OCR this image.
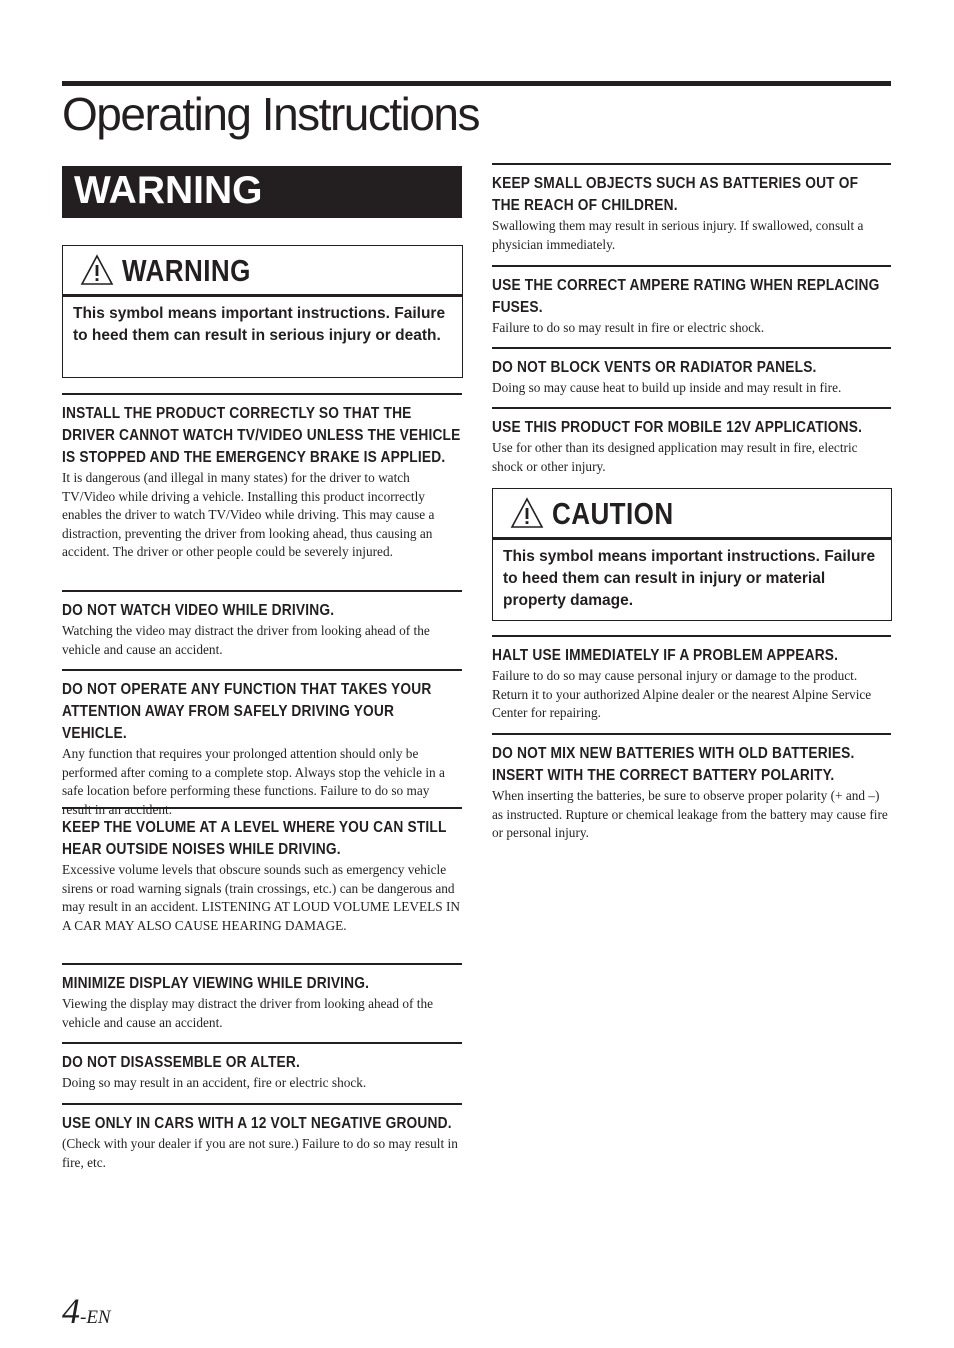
Operating Instructions
WARNING
WARNING
This symbol means important instructions. Failure to heed them can result in serious injury or death.
INSTALL THE PRODUCT CORRECTLY SO THAT THE DRIVER CANNOT WATCH TV/VIDEO UNLESS THE VEHICLE IS STOPPED AND THE EMERGENCY BRAKE IS APPLIED.

It is dangerous (and illegal in many states) for the driver to watch TV/Video while driving a vehicle. Installing this product incorrectly enables the driver to watch TV/Video while driving. This may cause a distraction, preventing the driver from looking ahead, thus causing an accident. The driver or other people could be severely injured.

DO NOT WATCH VIDEO WHILE DRIVING.

Watching the video may distract the driver from looking ahead of the vehicle and cause an accident.

DO NOT OPERATE ANY FUNCTION THAT TAKES YOUR ATTENTION AWAY FROM SAFELY DRIVING YOUR VEHICLE.

Any function that requires your prolonged attention should only be performed after coming to a complete stop. Always stop the vehicle in a safe location before performing these functions. Failure to do so may result in an accident.

KEEP THE VOLUME AT A LEVEL WHERE YOU CAN STILL HEAR OUTSIDE NOISES WHILE DRIVING.

Excessive volume levels that obscure sounds such as emergency vehicle sirens or road warning signals (train crossings, etc.) can be dangerous and may result in an accident. LISTENING AT LOUD VOLUME LEVELS IN A CAR MAY ALSO CAUSE HEARING DAMAGE.

MINIMIZE DISPLAY VIEWING WHILE DRIVING.

Viewing the display may distract the driver from looking ahead of the vehicle and cause an accident.

DO NOT DISASSEMBLE OR ALTER.

Doing so may result in an accident, fire or electric shock.

USE ONLY IN CARS WITH A 12 VOLT NEGATIVE GROUND.

(Check with your dealer if you are not sure.) Failure to do so may result in fire, etc.

KEEP SMALL OBJECTS SUCH AS BATTERIES OUT OF THE REACH OF CHILDREN.

Swallowing them may result in serious injury. If swallowed, consult a physician immediately.

USE THE CORRECT AMPERE RATING WHEN REPLACING FUSES.

Failure to do so may result in fire or electric shock.

DO NOT BLOCK VENTS OR RADIATOR PANELS.

Doing so may cause heat to build up inside and may result in fire.

USE THIS PRODUCT FOR MOBILE 12V APPLICATIONS.

Use for other than its designed application may result in fire, electric shock or other injury.

CAUTION
This symbol means important instructions. Failure to heed them can result in injury or material property damage.
HALT USE IMMEDIATELY IF A PROBLEM APPEARS.

Failure to do so may cause personal injury or damage to the product. Return it to your authorized Alpine dealer or the nearest Alpine Service Center for repairing.

DO NOT MIX NEW BATTERIES WITH OLD BATTERIES. INSERT WITH THE CORRECT BATTERY POLARITY.

When inserting the batteries, be sure to observe proper polarity (+ and –) as instructed. Rupture or chemical leakage from the battery may cause fire or personal injury.

4-EN
